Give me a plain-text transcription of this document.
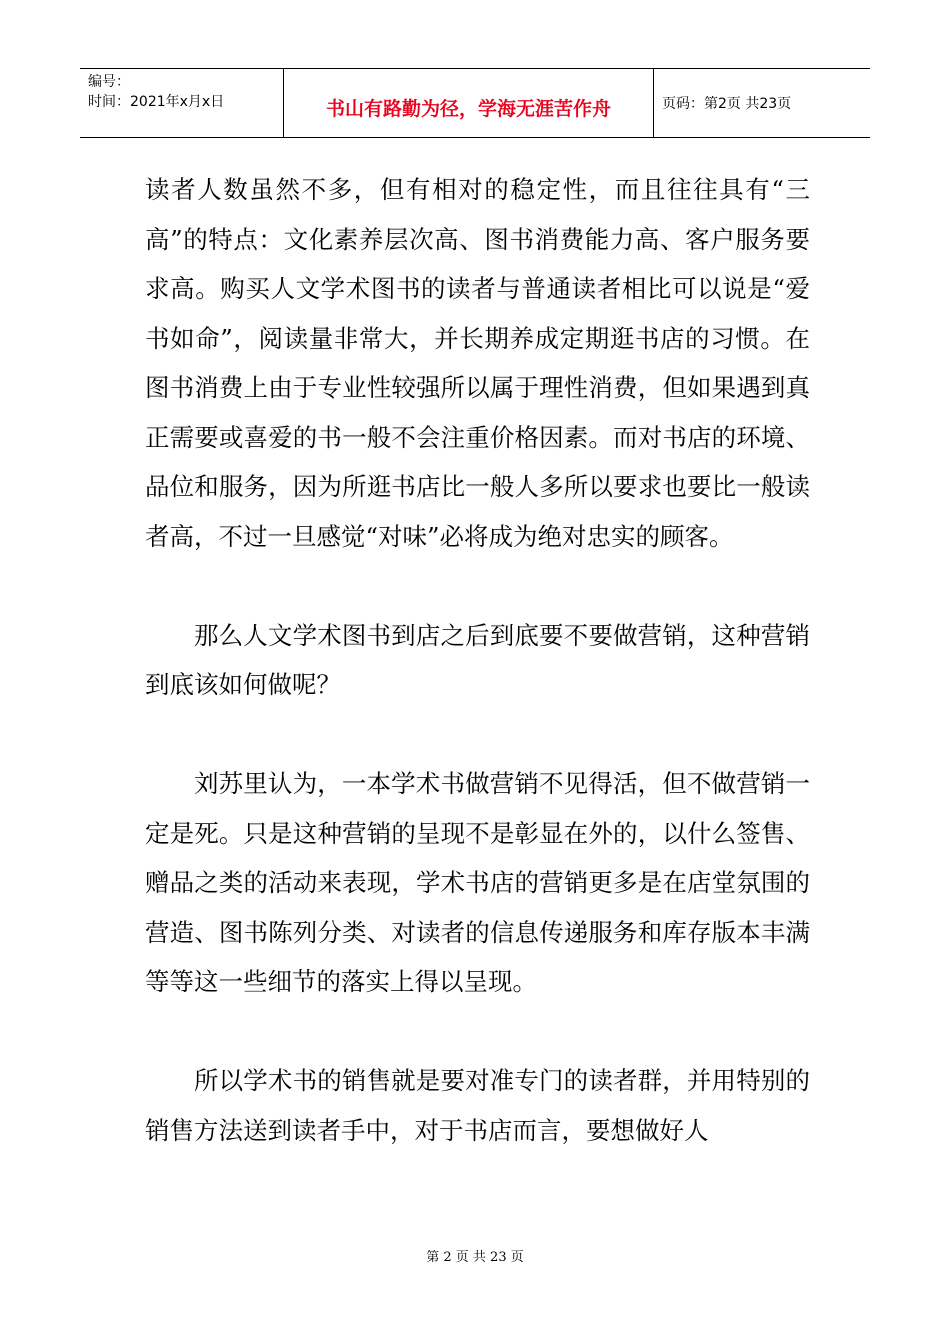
编号：
时间：2021年x月x日	书山有路勤为径，学海无涯苦作舟	页码：第2页 共23页

读者人数虽然不多，但有相对的稳定性，而且往往具有“三高”的特点：文化素养层次高、图书消费能力高、客户服务要求高。购买人文学术图书的读者与普通读者相比可以说是“爱书如命”，阅读量非常大，并长期养成定期逛书店的习惯。在图书消费上由于专业性较强所以属于理性消费，但如果遇到真正需要或喜爱的书一般不会注重价格因素。而对书店的环境、品位和服务，因为所逛书店比一般人多所以要求也要比一般读者高，不过一旦感觉“对味”必将成为绝对忠实的顾客。

那么人文学术图书到店之后到底要不要做营销，这种营销到底该如何做呢？

刘苏里认为，一本学术书做营销不见得活，但不做营销一定是死。只是这种营销的呈现不是彰显在外的，以什么签售、赠品之类的活动来表现，学术书店的营销更多是在店堂氛围的营造、图书陈列分类、对读者的信息传递服务和库存版本丰满等等这一些细节的落实上得以呈现。

所以学术书的销售就是要对准专门的读者群，并用特别的销售方法送到读者手中，对于书店而言，要想做好人

第 2 页 共 23 页
